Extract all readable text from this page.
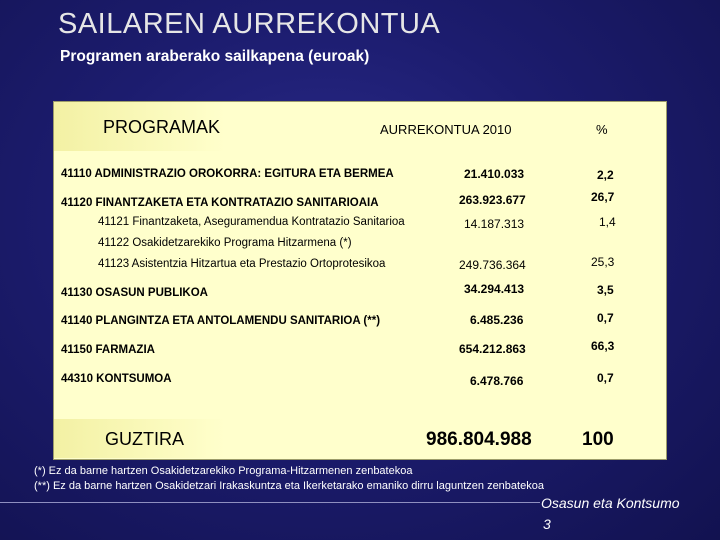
SAILAREN AURREKONTUA
Programen araberako sailkapena (euroak)
PROGRAMAK	AURREKONTUA 2010	%
41110 ADMINISTRAZIO OROKORRA: EGITURA ETA BERMEA	21.410.033	2,2
41120 FINANTZAKETA ETA KONTRATAZIO SANITARIOAIA	263.923.677	26,7
41121 Finantzaketa, Aseguramendua Kontratazio Sanitarioa	14.187.313	1,4
41122 Osakidetzarekiko Programa Hitzarmena (*)
41123 Asistentzia Hitzartua eta Prestazio Ortoprotesikoa	249.736.364	25,3
41130 OSASUN PUBLIKOA	34.294.413	3,5
41140 PLANGINTZA ETA ANTOLAMENDU SANITARIOA (**)	6.485.236	0,7
41150 FARMAZIA	654.212.863	66,3
44310 KONTSUMOA	6.478.766	0,7
GUZTIRA	986.804.988	100
(*) Ez da barne hartzen Osakidetzarekiko Programa-Hitzarmenen zenbatekoa
(**) Ez da barne hartzen Osakidetzari Irakaskuntza eta Ikerketarako emaniko dirru laguntzen zenbatekoa
Osasun eta Kontsumo
3
